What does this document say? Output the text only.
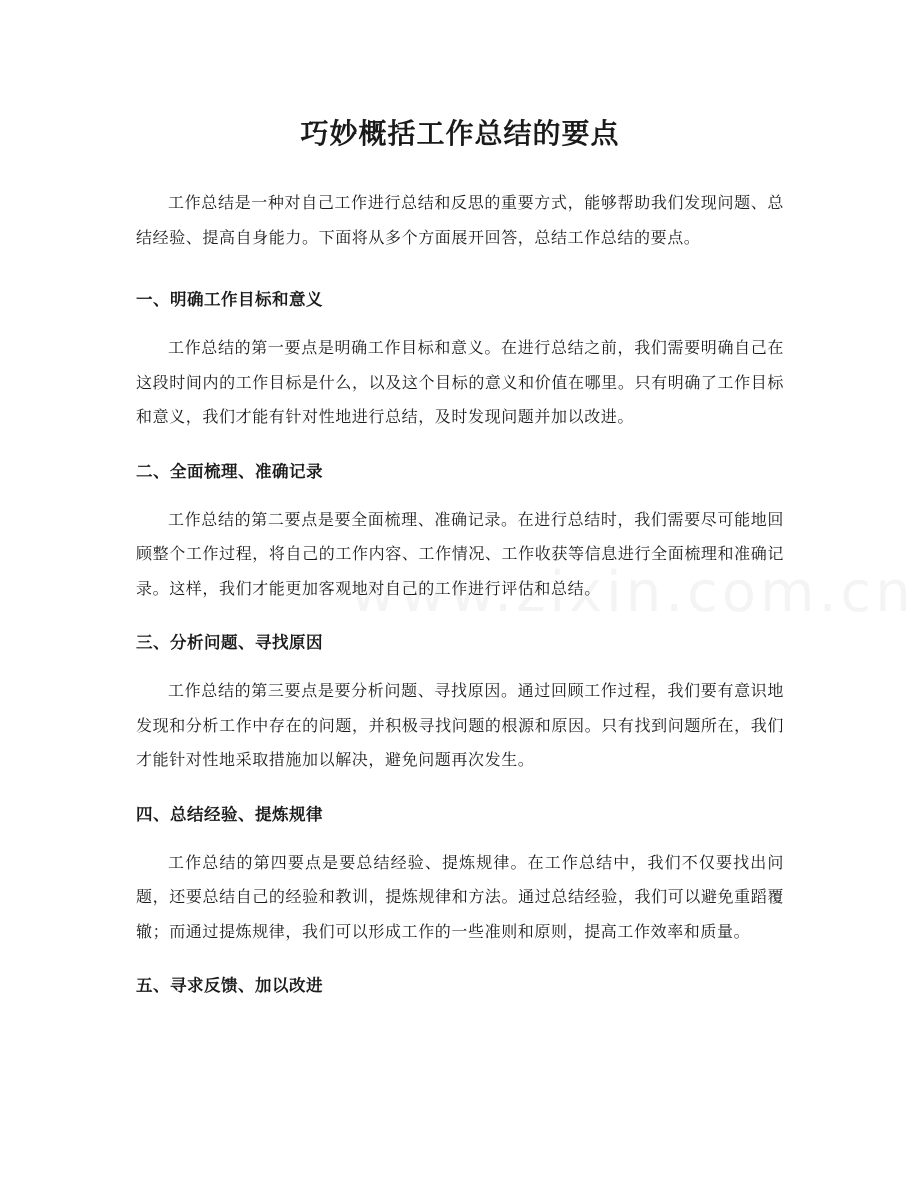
巧妙概括工作总结的要点

工作总结是一种对自己工作进行总结和反思的重要方式，能够帮助我们发现问题、总结经验、提高自身能力。下面将从多个方面展开回答，总结工作总结的要点。

一、明确工作目标和意义

工作总结的第一要点是明确工作目标和意义。在进行总结之前，我们需要明确自己在这段时间内的工作目标是什么，以及这个目标的意义和价值在哪里。只有明确了工作目标和意义，我们才能有针对性地进行总结，及时发现问题并加以改进。

二、全面梳理、准确记录

工作总结的第二要点是要全面梳理、准确记录。在进行总结时，我们需要尽可能地回顾整个工作过程，将自己的工作内容、工作情况、工作收获等信息进行全面梳理和准确记录。这样，我们才能更加客观地对自己的工作进行评估和总结。

三、分析问题、寻找原因

工作总结的第三要点是要分析问题、寻找原因。通过回顾工作过程，我们要有意识地发现和分析工作中存在的问题，并积极寻找问题的根源和原因。只有找到问题所在，我们才能针对性地采取措施加以解决，避免问题再次发生。

四、总结经验、提炼规律

工作总结的第四要点是要总结经验、提炼规律。在工作总结中，我们不仅要找出问题，还要总结自己的经验和教训，提炼规律和方法。通过总结经验，我们可以避免重蹈覆辙；而通过提炼规律，我们可以形成工作的一些准则和原则，提高工作效率和质量。

五、寻求反馈、加以改进
